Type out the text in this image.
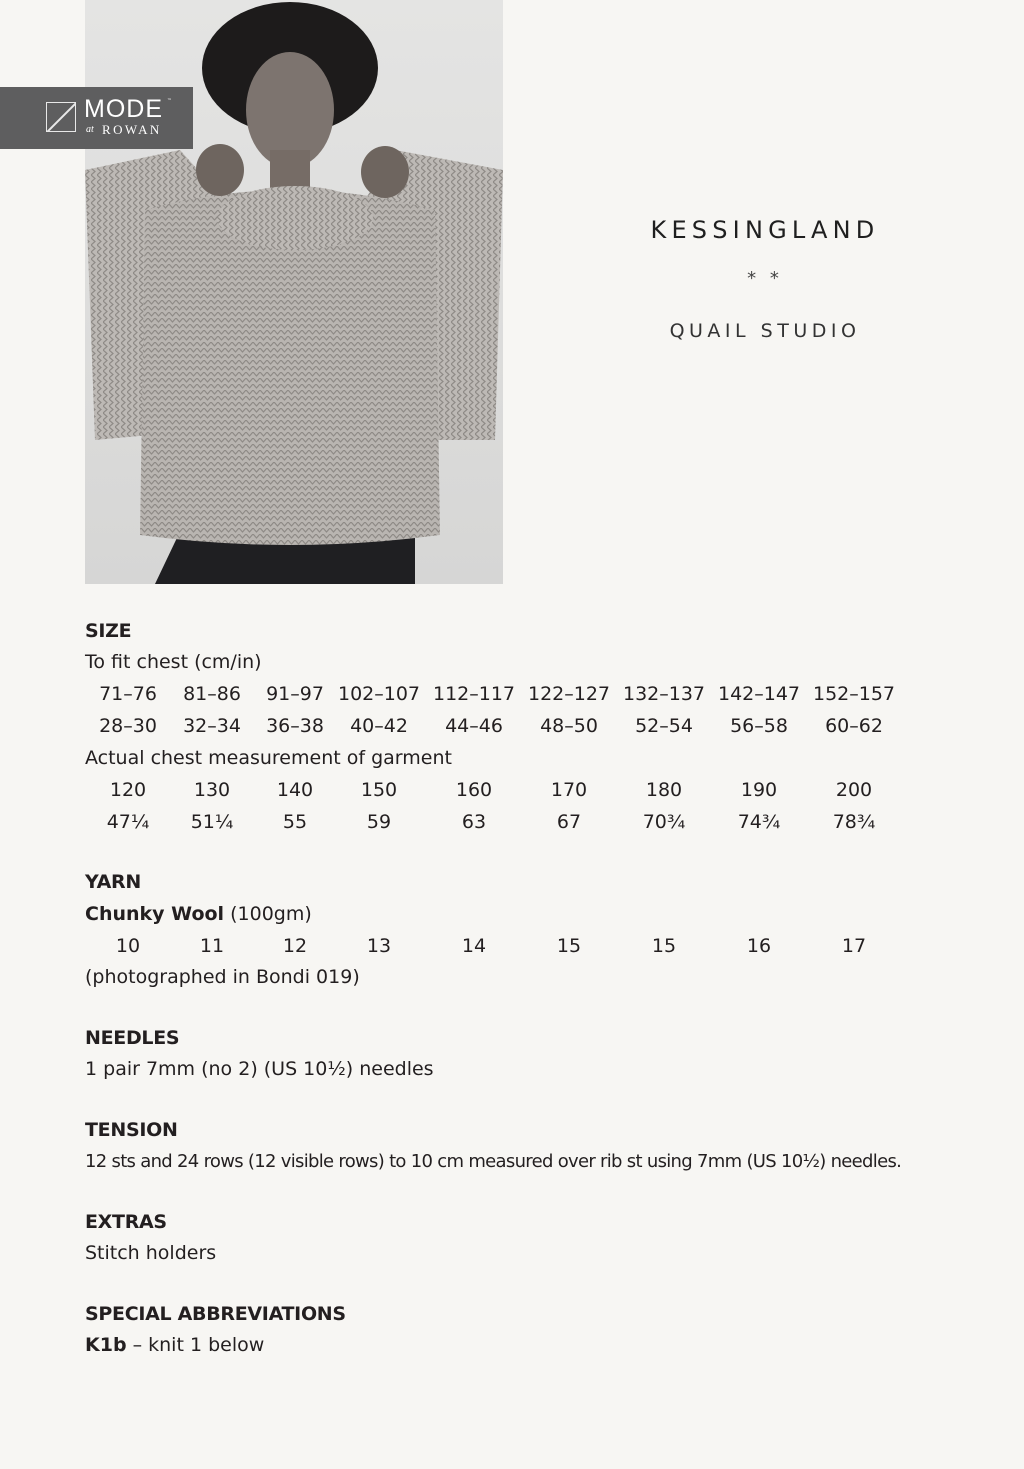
MODE ™
at ROWAN
KESSINGLAND
* *
QUAIL STUDIO
SIZE
To fit chest (cm/in)
71–76	81–86	91–97 102–107 112–117 122–127 132–137 142–147 152–157
28–30	32–34	36–38	40–42	44–46	48–50	52–54	56–58	60–62
Actual chest measurement of garment
120	130	140	150	160	170	180	190	200
47¼	51¼	55	59	63	67	70¾	74¾	78¾
YARN
Chunky Wool (100gm)
10	11	12	13	14	15	15	16	17
(photographed in Bondi 019)
NEEDLES
1 pair 7mm (no 2) (US 10½) needles
TENSION
12 sts and 24 rows (12 visible rows) to 10 cm measured over rib st using 7mm (US 10½) needles.
EXTRAS
Stitch holders
SPECIAL ABBREVIATIONS
K1b – knit 1 below
